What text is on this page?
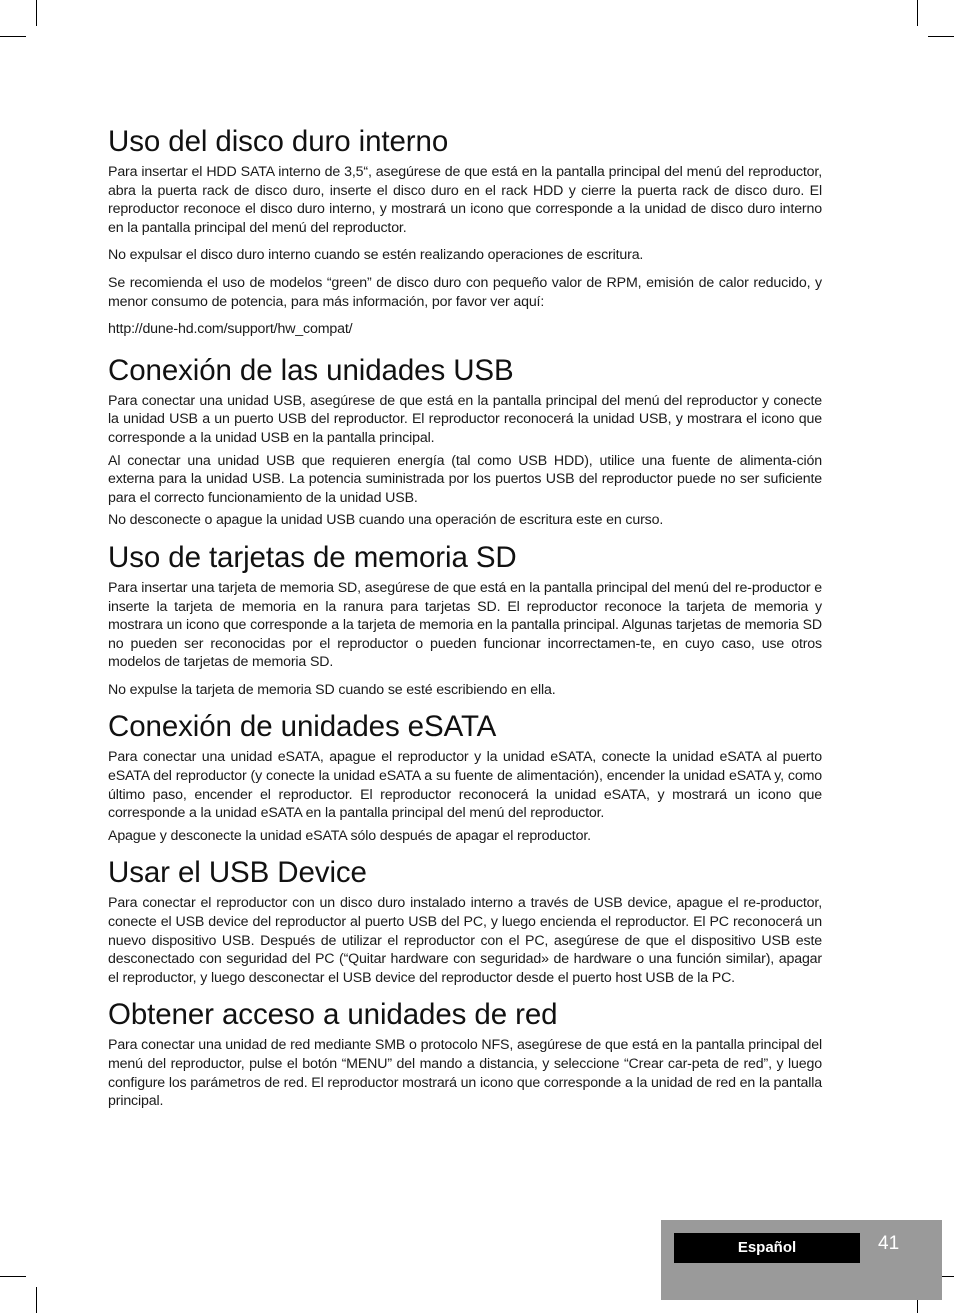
Uso del disco duro interno

Para insertar el HDD SATA interno de 3,5“, asegúrese de que está en la pantalla principal del menú del reproductor, abra la puerta rack de disco duro, inserte el disco duro en el rack HDD y cierre la puerta rack de disco duro. El reproductor reconoce el disco duro interno, y mostrará un icono que corresponde a la unidad de disco duro interno en la pantalla principal del menú del reproductor.

No expulsar el disco duro interno cuando se estén realizando operaciones de escritura.

Se recomienda el uso de modelos “green” de disco duro con pequeño valor de RPM, emisión de calor reducido, y menor consumo de potencia, para más información, por favor ver aquí:

http://dune-hd.com/support/hw_compat/

Conexión de las unidades USB

Para conectar una unidad USB, asegúrese de que está en la pantalla principal del menú del reproductor y conecte la unidad USB a un puerto USB del reproductor. El reproductor reconocerá la unidad USB, y mostrara el icono que corresponde a la unidad USB en la pantalla principal.

Al conectar una unidad USB que requieren energía (tal como USB HDD), utilice una fuente de alimenta-ción externa para la unidad USB. La potencia suministrada por los puertos USB del reproductor puede no ser suficiente para el correcto funcionamiento de la unidad USB.

No desconecte o apague la unidad USB cuando una operación de escritura este en curso.

Uso de tarjetas de memoria SD

Para insertar una tarjeta de memoria SD, asegúrese de que está en la pantalla principal del menú del re-productor e inserte la tarjeta de memoria en la ranura para tarjetas SD. El reproductor reconoce la tarjeta de memoria y mostrara un icono que corresponde a la tarjeta de memoria en la pantalla principal. Algunas tarjetas de memoria SD no pueden ser reconocidas por el reproductor o pueden funcionar incorrectamen-te, en cuyo caso, use otros modelos de tarjetas de memoria SD.

No expulse la tarjeta de memoria SD cuando se esté escribiendo en ella.

Conexión de unidades eSATA

Para conectar una unidad eSATA, apague el reproductor y la unidad eSATA, conecte la unidad eSATA al puerto eSATA del reproductor (y conecte la unidad eSATA a su fuente de alimentación), encender la unidad eSATA y, como último paso, encender el reproductor. El reproductor reconocerá la unidad eSATA, y mostrará un icono que corresponde a la unidad eSATA en la pantalla principal del menú del reproductor.

Apague y desconecte la unidad eSATA sólo después de apagar el reproductor.

Usar el USB Device

Para conectar el reproductor con un disco duro instalado interno a través de USB device, apague el re-productor, conecte el USB device del reproductor al puerto USB del PC, y luego encienda el reproductor. El PC reconocerá un nuevo dispositivo USB. Después de utilizar el reproductor con el PC, asegúrese de que el dispositivo USB este desconectado con seguridad del PC (“Quitar hardware con seguridad» de hardware o una función similar), apagar el reproductor, y luego desconectar el USB device del reproductor desde el puerto host USB de la PC.

Obtener acceso a unidades de red

Para conectar una unidad de red mediante SMB o protocolo NFS, asegúrese de que está en la pantalla principal del menú del reproductor, pulse el botón “MENU” del mando a distancia, y seleccione “Crear car-peta de red”, y luego configure los parámetros de red. El reproductor mostrará un icono que corresponde a la unidad de red en la pantalla principal.

Español	41
